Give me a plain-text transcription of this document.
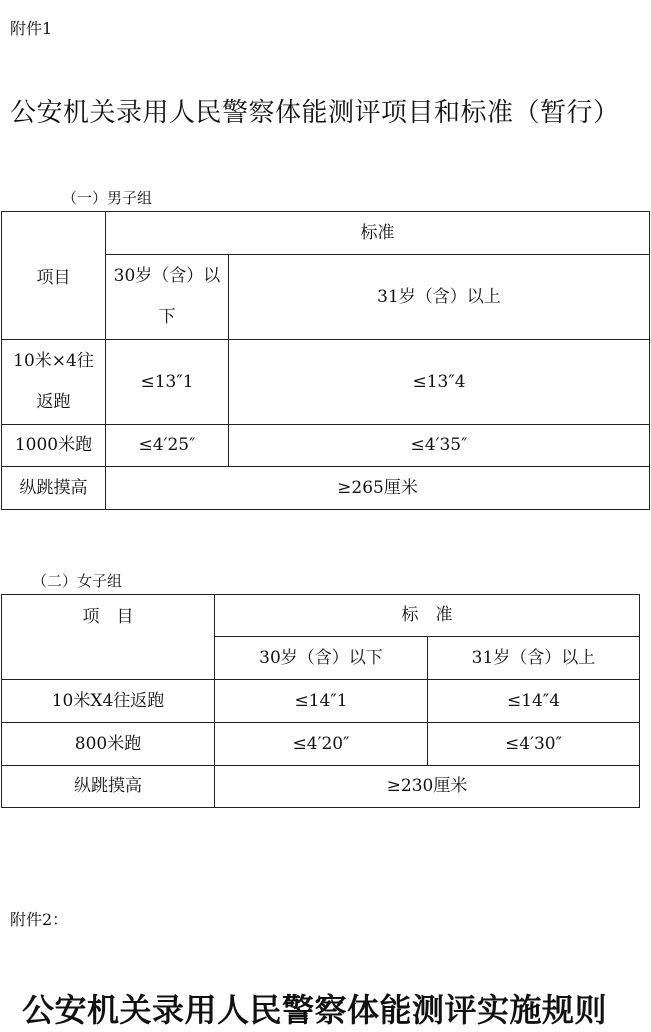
附件1
公安机关录用人民警察体能测评项目和标准（暂行）
（一）男子组
项目	标准	
	30岁（含）以下	31岁（含）以上
10米×4往返跑	≤13″1	≤13″4
1000米跑	≤4′25″	≤4′35″
纵跳摸高	≥265厘米	
（二）女子组
项　目	标　准	
	30岁（含）以下	31岁（含）以上
10米X4往返跑	≤14″1	≤14″4
800米跑	≤4′20″	≤4′30″
纵跳摸高	≥230厘米	
附件2：
公安机关录用人民警察体能测评实施规则
